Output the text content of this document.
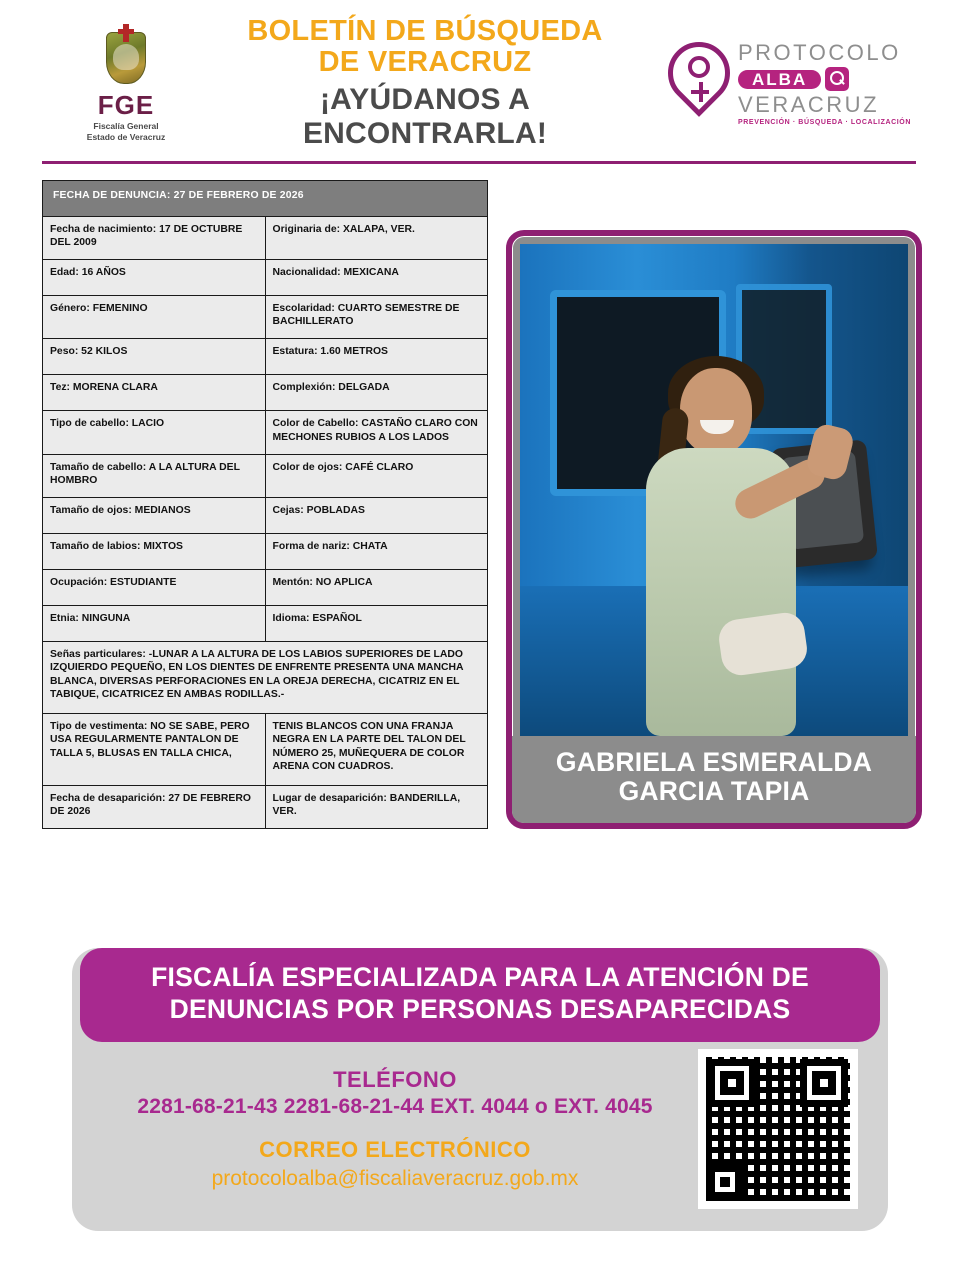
FGE
Fiscalía General
Estado de Veracruz
BOLETÍN DE BÚSQUEDA
DE VERACRUZ
¡AYÚDANOS A ENCONTRARLA!
PROTOCOLO
ALBA
VERACRUZ
PREVENCIÓN · BÚSQUEDA · LOCALIZACIÓN
FECHA DE DENUNCIA: 27 DE FEBRERO DE 2026	
Fecha de nacimiento: 17 DE OCTUBRE DEL 2009	Originaria de: XALAPA, VER.
Edad: 16 AÑOS	Nacionalidad: MEXICANA
Género: FEMENINO	Escolaridad: CUARTO SEMESTRE DE BACHILLERATO
Peso: 52 KILOS	Estatura: 1.60 METROS
Tez: MORENA CLARA	Complexión: DELGADA
Tipo de cabello: LACIO	Color de Cabello: CASTAÑO CLARO CON MECHONES RUBIOS A LOS LADOS
Tamaño de cabello: A LA ALTURA DEL HOMBRO	Color de ojos: CAFÉ CLARO
Tamaño de ojos: MEDIANOS	Cejas: POBLADAS
Tamaño de labios: MIXTOS	Forma de nariz: CHATA
Ocupación: ESTUDIANTE	Mentón: NO APLICA
Etnia: NINGUNA	Idioma: ESPAÑOL
Señas particulares: -LUNAR A LA ALTURA DE LOS LABIOS SUPERIORES DE LADO IZQUIERDO PEQUEÑO, EN LOS DIENTES DE ENFRENTE PRESENTA UNA MANCHA BLANCA, DIVERSAS PERFORACIONES EN LA OREJA DERECHA, CICATRIZ EN EL TABIQUE, CICATRICEZ EN AMBAS RODILLAS.-	
Tipo de vestimenta: NO SE SABE, PERO USA REGULARMENTE PANTALON DE TALLA 5, BLUSAS EN TALLA CHICA,	TENIS BLANCOS CON UNA FRANJA NEGRA EN LA PARTE DEL TALON DEL NÚMERO 25, MUÑEQUERA DE COLOR ARENA CON CUADROS.
Fecha de desaparición: 27 DE FEBRERO DE 2026	Lugar de desaparición: BANDERILLA, VER.
GABRIELA ESMERALDA GARCIA TAPIA
FISCALÍA ESPECIALIZADA PARA LA ATENCIÓN DE DENUNCIAS POR PERSONAS DESAPARECIDAS
TELÉFONO
2281-68-21-43 2281-68-21-44 EXT. 4044 o EXT. 4045
CORREO ELECTRÓNICO
protocoloalba@fiscaliaveracruz.gob.mx
